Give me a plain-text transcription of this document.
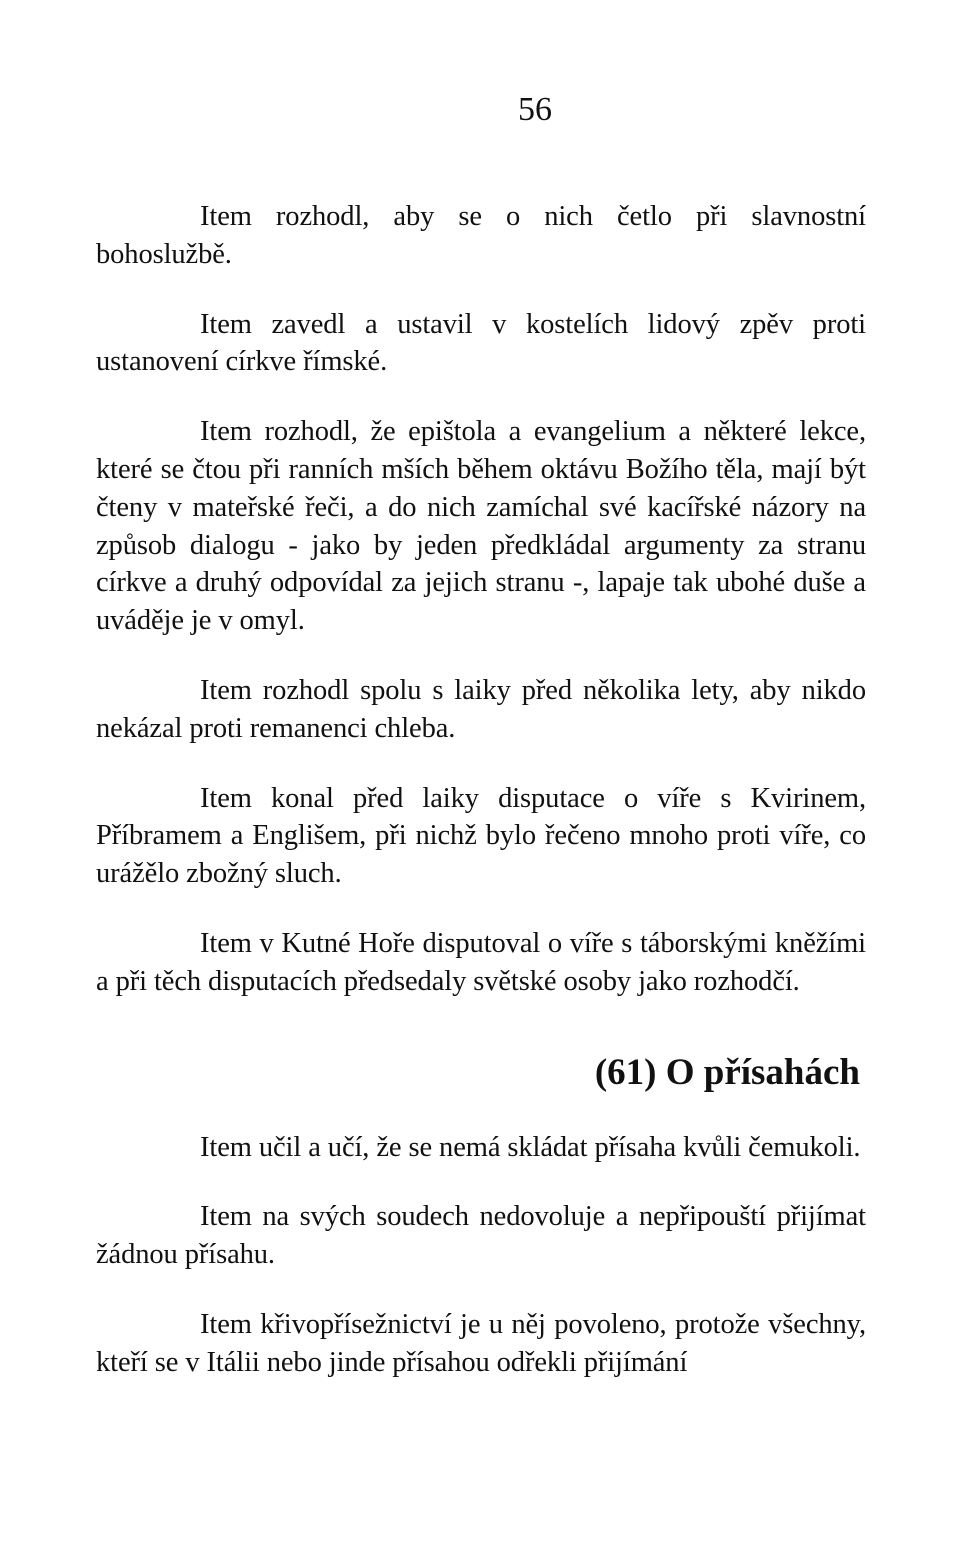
56

Item rozhodl, aby se o nich četlo při slavnostní bohoslužbě.

Item zavedl a ustavil v kostelích lidový zpěv proti ustanovení církve římské.

Item rozhodl, že epištola a evangelium a některé lekce, které se čtou při ranních mších během oktávu Božího těla, mají být čteny v mateřské řeči, a do nich zamíchal své kacířské názory na způsob dialogu - jako by jeden předkládal argumenty za stranu církve a druhý odpovídal za jejich stranu -, lapaje tak ubohé duše a uváděje je v omyl.

Item rozhodl spolu s laiky před několika lety, aby nikdo nekázal proti remanenci chleba.

Item konal před laiky disputace o víře s Kvirinem, Příbramem a Englišem, při nichž bylo řečeno mnoho proti víře, co urážělo zbožný sluch.

Item v Kutné Hoře disputoval o víře s táborskými kněžími a při těch disputacích předsedaly světské osoby jako rozhodčí.

(61) O přísahách

Item učil a učí, že se nemá skládat přísaha kvůli čemukoli.

Item na svých soudech nedovoluje a nepřipouští přijímat žádnou přísahu.

Item křivopřísežnictví je u něj povoleno, protože všechny, kteří se v Itálii nebo jinde přísahou odřekli přijímání
